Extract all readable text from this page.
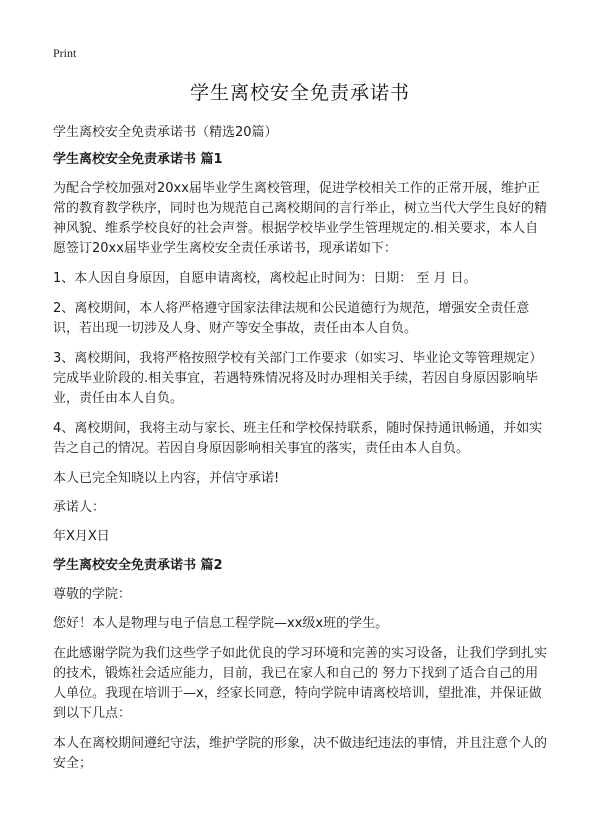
Print
学生离校安全免责承诺书
学生离校安全免责承诺书（精选20篇）
学生离校安全免责承诺书 篇1
为配合学校加强对20xx届毕业学生离校管理，促进学校相关工作的正常开展，维护正常的教育教学秩序，同时也为规范自己离校期间的言行举止，树立当代大学生良好的精神风貌、维系学校良好的社会声誉。根据学校毕业学生管理规定的.相关要求，本人自愿签订20xx届毕业学生离校安全责任承诺书，现承诺如下：
1、本人因自身原因，自愿申请离校，离校起止时间为：日期： 至 月 日。
2、离校期间，本人将严格遵守国家法律法规和公民道德行为规范，增强安全责任意识，若出现一切涉及人身、财产等安全事故，责任由本人自负。
3、离校期间，我将严格按照学校有关部门工作要求（如实习、毕业论文等管理规定）完成毕业阶段的.相关事宜，若遇特殊情况将及时办理相关手续，若因自身原因影响毕业，责任由本人自负。
4、离校期间，我将主动与家长、班主任和学校保持联系，随时保持通讯畅通，并如实告之自己的情况。若因自身原因影响相关事宜的落实，责任由本人自负。
本人已完全知晓以上内容，并信守承诺!
承诺人：
年X月X日
学生离校安全免责承诺书 篇2
尊敬的学院：
您好！本人是物理与电子信息工程学院—xx级x班的学生。
在此感谢学院为我们这些学子如此优良的学习环境和完善的实习设备，让我们学到扎实的技术，锻炼社会适应能力，目前，我已在家人和自己的 努力下找到了适合自己的用人单位。我现在培训于—x，经家长同意，特向学院申请离校培训，望批准，并保证做到以下几点：
本人在离校期间遵纪守法，维护学院的形象，决不做违纪违法的事情，并且注意个人的安全；
